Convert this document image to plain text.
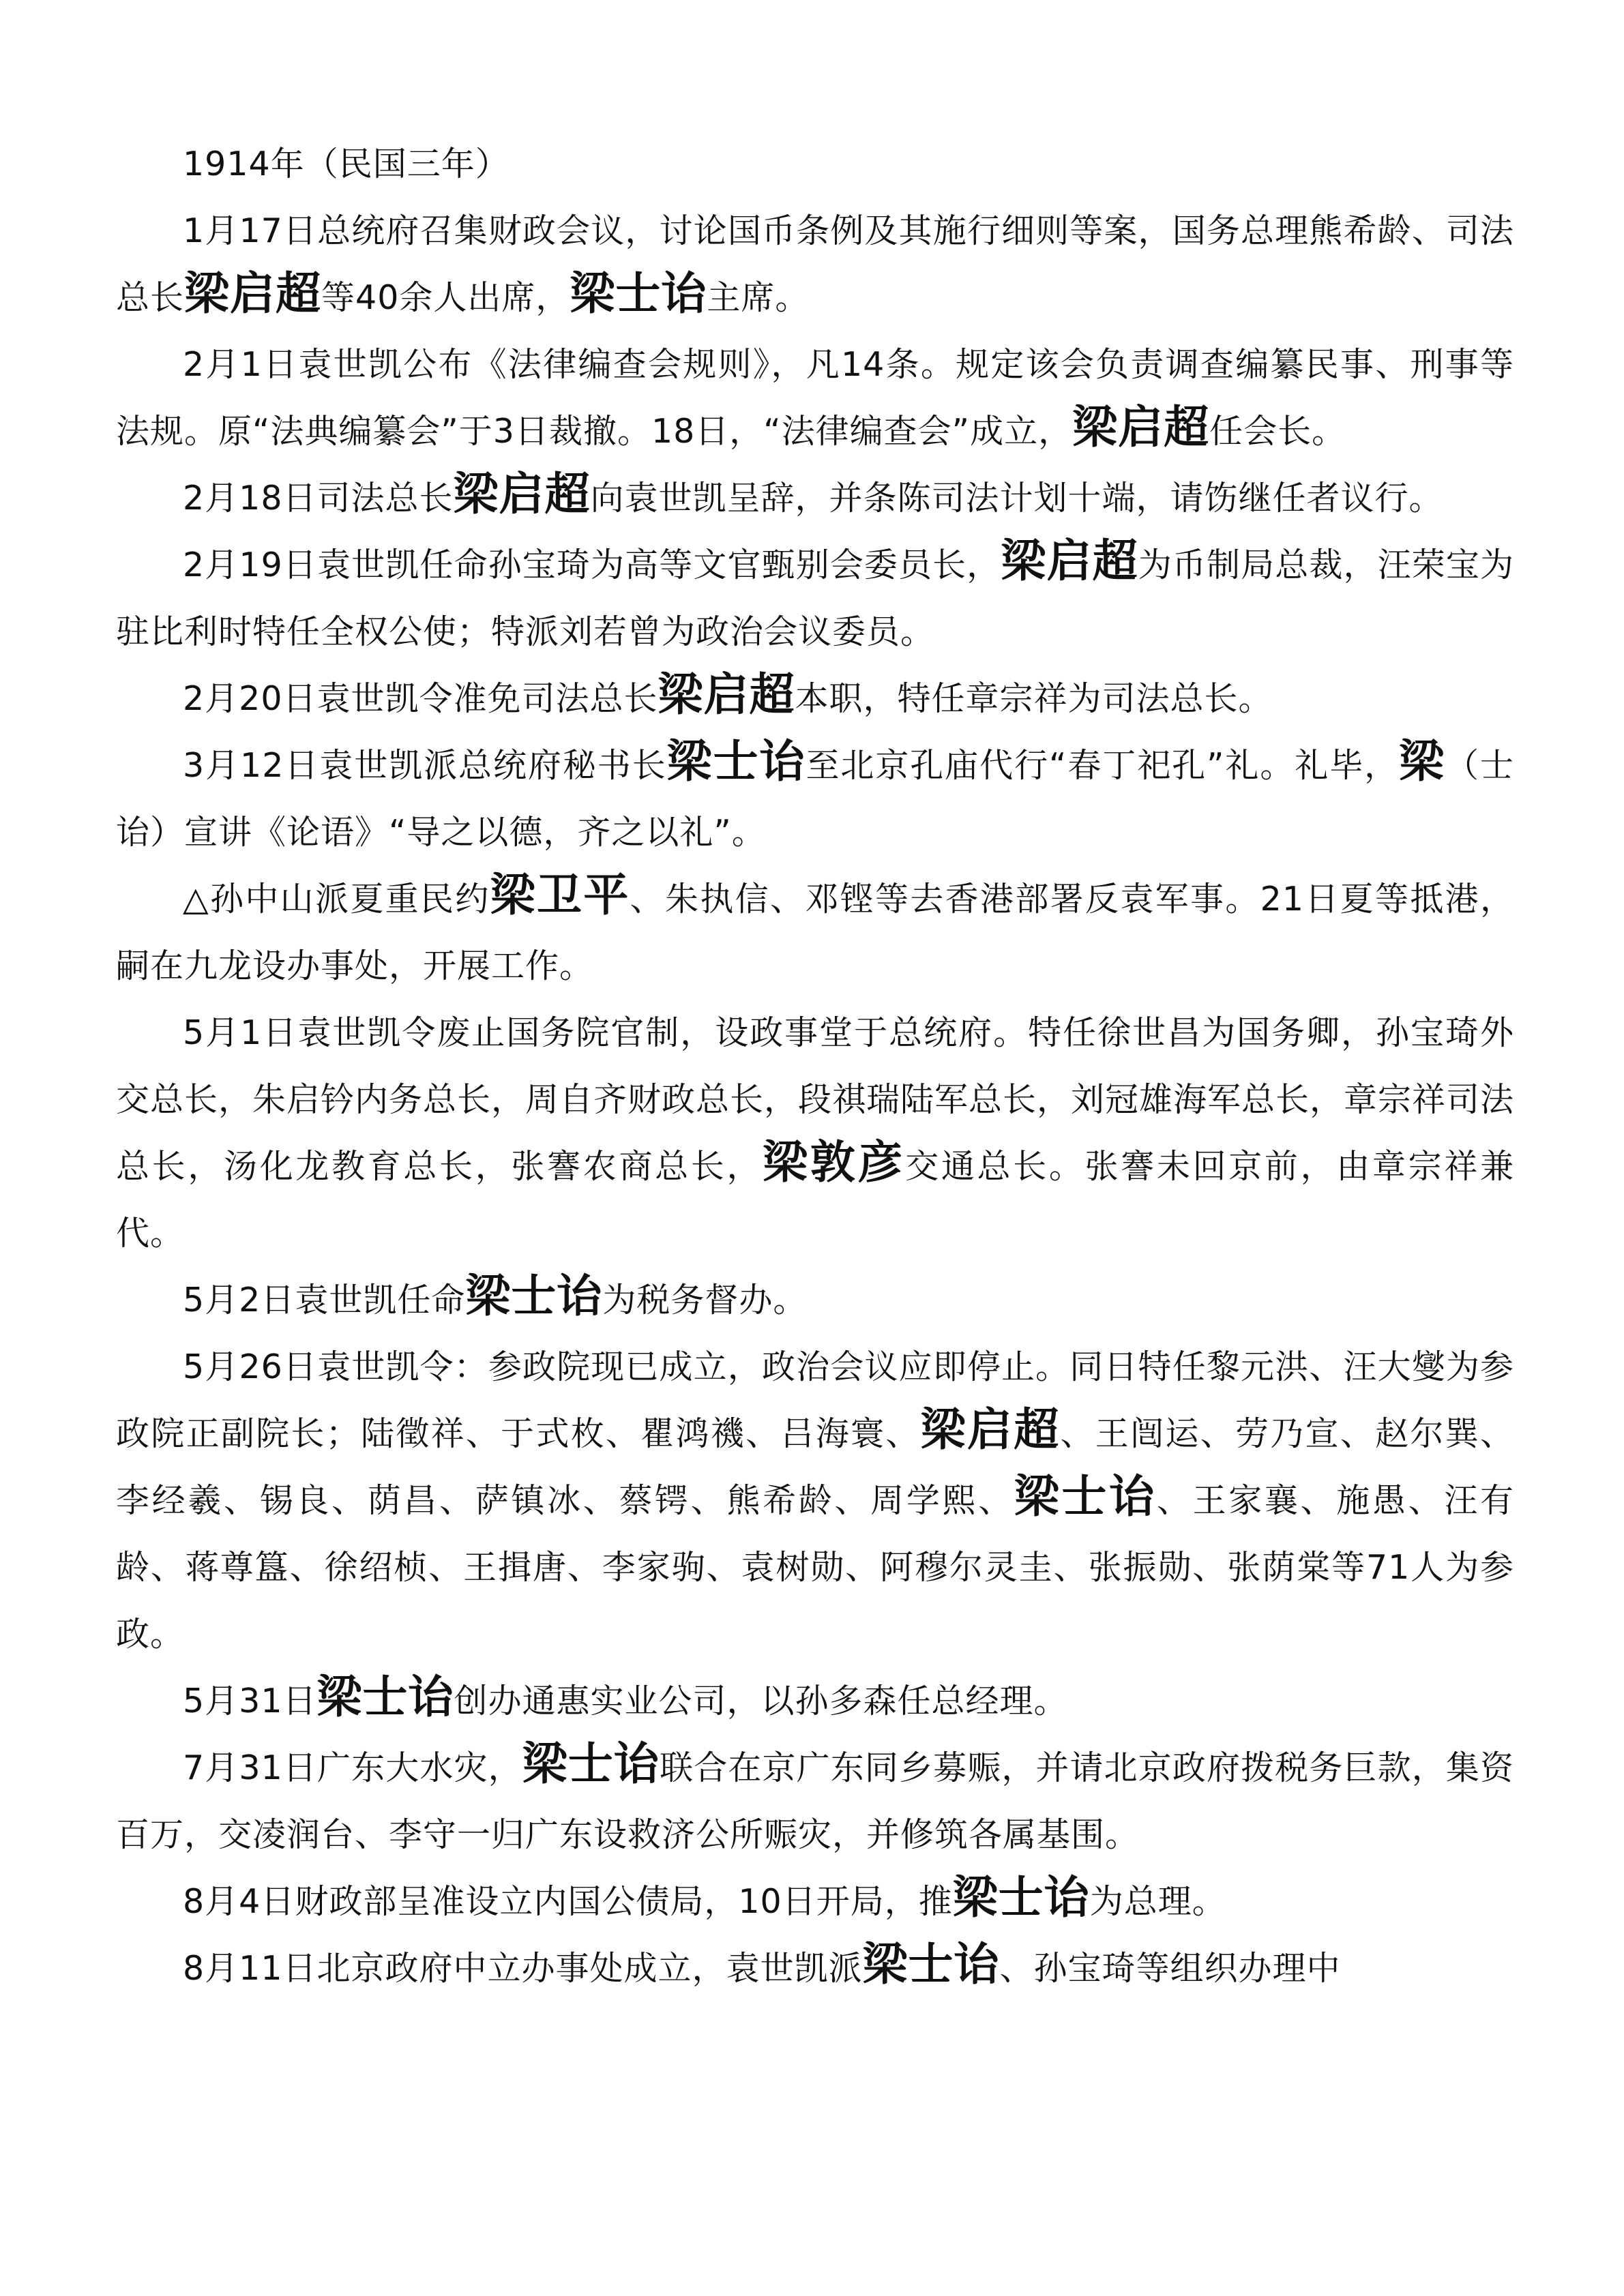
1914年（民国三年）

1月17日总统府召集财政会议，讨论国币条例及其施行细则等案，国务总理熊希龄、司法总长梁启超等40余人出席，梁士诒主席。

2月1日袁世凯公布《法律编查会规则》，凡14条。规定该会负责调查编纂民事、刑事等法规。原“法典编纂会”于3日裁撤。18日，“法律编查会”成立，梁启超任会长。

2月18日司法总长梁启超向袁世凯呈辞，并条陈司法计划十端，请饬继任者议行。

2月19日袁世凯任命孙宝琦为高等文官甄别会委员长，梁启超为币制局总裁，汪荣宝为驻比利时特任全权公使；特派刘若曾为政治会议委员。

2月20日袁世凯令准免司法总长梁启超本职，特任章宗祥为司法总长。

3月12日袁世凯派总统府秘书长梁士诒至北京孔庙代行“春丁祀孔”礼。礼毕，梁（士诒）宣讲《论语》“导之以德，齐之以礼”。

△孙中山派夏重民约梁卫平、朱执信、邓铿等去香港部署反袁军事。21日夏等抵港，嗣在九龙设办事处，开展工作。

5月1日袁世凯令废止国务院官制，设政事堂于总统府。特任徐世昌为国务卿，孙宝琦外交总长，朱启钤内务总长，周自齐财政总长，段祺瑞陆军总长，刘冠雄海军总长，章宗祥司法总长，汤化龙教育总长，张謇农商总长，梁敦彦交通总长。张謇未回京前，由章宗祥兼代。

5月2日袁世凯任命梁士诒为税务督办。

5月26日袁世凯令：参政院现已成立，政治会议应即停止。同日特任黎元洪、汪大燮为参政院正副院长；陆徵祥、于式枚、瞿鸿禨、吕海寰、梁启超、王闿运、劳乃宣、赵尔巽、李经羲、锡良、荫昌、萨镇冰、蔡锷、熊希龄、周学熙、梁士诒、王家襄、施愚、汪有龄、蒋尊簋、徐绍桢、王揖唐、李家驹、袁树勋、阿穆尔灵圭、张振勋、张荫棠等71人为参政。

5月31日梁士诒创办通惠实业公司，以孙多森任总经理。

7月31日广东大水灾，梁士诒联合在京广东同乡募赈，并请北京政府拨税务巨款，集资百万，交凌润台、李守一归广东设救济公所赈灾，并修筑各属基围。

8月4日财政部呈准设立内国公债局，10日开局，推梁士诒为总理。

8月11日北京政府中立办事处成立，袁世凯派梁士诒、孙宝琦等组织办理中
